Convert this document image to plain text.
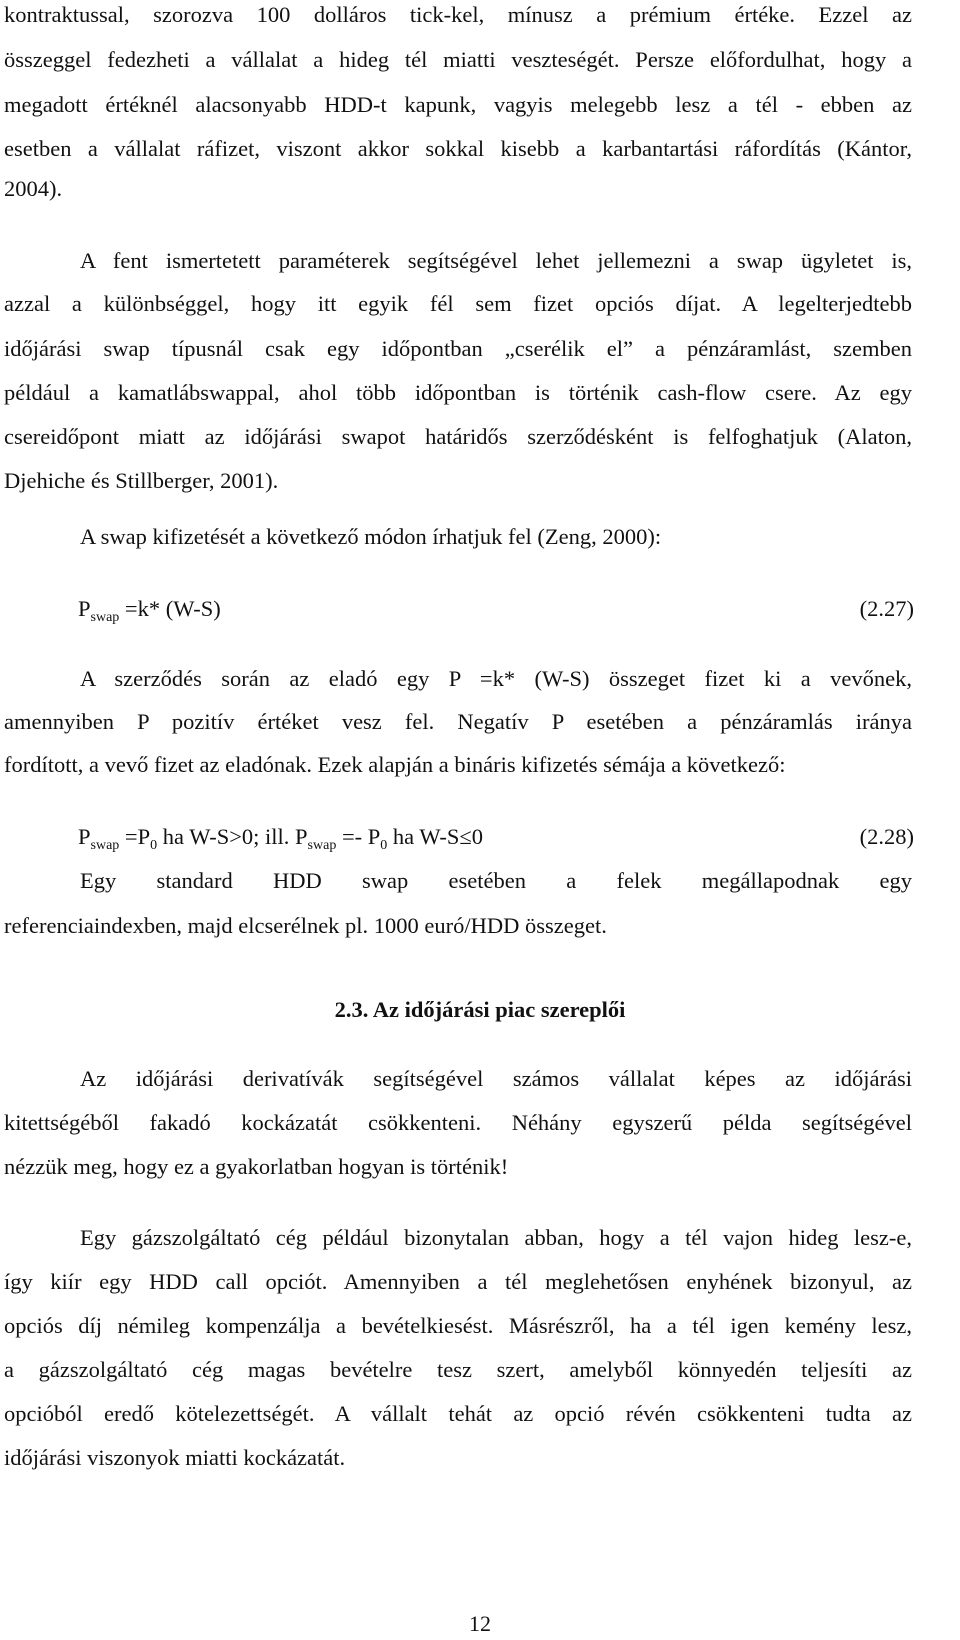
kontraktussal, szorozva 100 dolláros tick-kel, mínusz a prémium értéke. Ezzel az
összeggel fedezheti a vállalat a hideg tél miatti veszteségét. Persze előfordulhat, hogy a
megadott értéknél alacsonyabb HDD-t kapunk, vagyis melegebb lesz a tél - ebben az
esetben a vállalat ráfizet, viszont akkor sokkal kisebb a karbantartási ráfordítás (Kántor,
2004).
A fent ismertetett paraméterek segítségével lehet jellemezni a swap ügyletet is,
azzal a különbséggel, hogy itt egyik fél sem fizet opciós díjat. A legelterjedtebb
időjárási swap típusnál csak egy időpontban „cserélik el” a pénzáramlást, szemben
például a kamatlábswappal, ahol több időpontban is történik cash-flow csere. Az egy
csereidőpont miatt az időjárási swapot határidős szerződésként is felfoghatjuk (Alaton,
Djehiche és Stillberger, 2001).
A swap kifizetését a következő módon írhatjuk fel (Zeng, 2000):
$P_{swap} =k*$ (W-S)	(2.27)
A szerződés során az eladó egy P =k* (W-S) összeget fizet ki a vevőnek,
amennyiben P pozitív értéket vesz fel. Negatív P esetében a pénzáramlás iránya
fordított, a vevő fizet az eladónak. Ezek alapján a bináris kifizetés sémája a következő:
$P_{swap} =P_0$ ha W-S>0; ill. $P_{swap} =- P_0$ ha W-S≤0	(2.28)
Egy standard HDD swap esetében a felek megállapodnak egy
referenciaindexben, majd elcserélnek pl. 1000 euró/HDD összeget.
2.3. Az időjárási piac szereplői
Az időjárási derivatívák segítségével számos vállalat képes az időjárási
kitettségéből fakadó kockázatát csökkenteni. Néhány egyszerű példa segítségével
nézzük meg, hogy ez a gyakorlatban hogyan is történik!
Egy gázszolgáltató cég például bizonytalan abban, hogy a tél vajon hideg lesz-e,
így kiír egy HDD call opciót. Amennyiben a tél meglehetősen enyhének bizonyul, az
opciós díj némileg kompenzálja a bevételkiesést. Másrészről, ha a tél igen kemény lesz,
a gázszolgáltató cég magas bevételre tesz szert, amelyből könnyedén teljesíti az
opcióból eredő kötelezettségét. A vállalt tehát az opció révén csökkenteni tudta az
időjárási viszonyok miatti kockázatát.
12
